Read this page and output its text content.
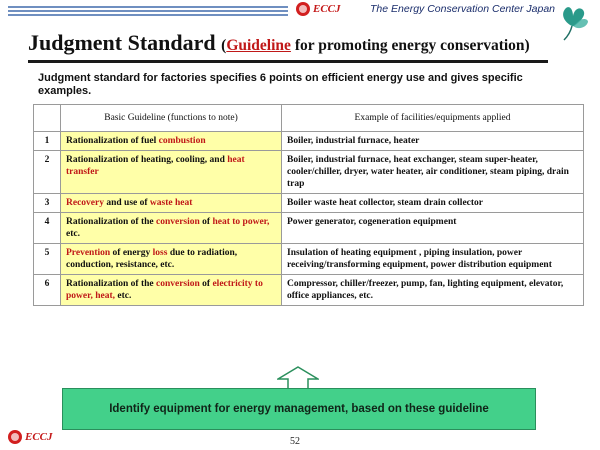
ECCJ	The Energy Conservation Center Japan
Judgment Standard (Guideline for promoting energy conservation)
Judgment standard for factories specifies 6 points on efficient energy use and gives specific examples.
	Basic Guideline (functions to note)	Example of facilities/equipments applied
1	Rationalization of fuel combustion	Boiler, industrial furnace, heater
2	Rationalization of heating, cooling, and heat transfer	Boiler, industrial furnace, heat exchanger, steam super-heater, cooler/chiller, dryer, water heater, air conditioner, steam piping, drain trap
3	Recovery and use of waste heat	Boiler waste heat collector, steam drain collector
4	Rationalization of the conversion of heat to power, etc.	Power generator, cogeneration equipment
5	Prevention of energy loss due to radiation, conduction, resistance, etc.	Insulation of heating equipment , piping insulation, power receiving/transforming equipment, power distribution equipment
6	Rationalization of the conversion of electricity to power, heat, etc.	Compressor, chiller/freezer, pump, fan, lighting equipment, elevator, office appliances, etc.
Identify equipment for energy management, based on these guideline
ECCJ	52
